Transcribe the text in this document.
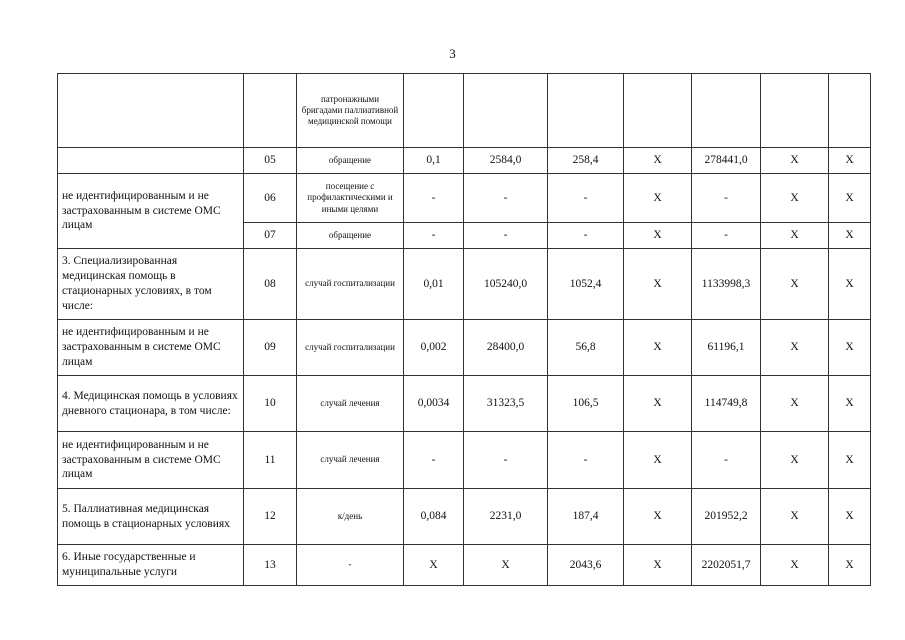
3
		патронажными бригадами паллиативной медицинской помощи							
	05	обращение	0,1	2584,0	258,4	Х	278441,0	Х	Х
не идентифицированным и не застрахованным в системе ОМС лицам	06	посещение с профилактическими и иными целями	-	-	-	Х	-	Х	Х
	07	обращение	-	-	-	Х	-	Х	Х
3. Специализированная медицинская помощь в стационарных условиях, в том числе:	08	случай госпитализации	0,01	105240,0	1052,4	Х	1133998,3	Х	Х
не идентифицированным и не застрахованным в системе ОМС лицам	09	случай госпитализации	0,002	28400,0	56,8	Х	61196,1	Х	Х
4. Медицинская помощь в условиях дневного стационара, в том числе:	10	случай лечения	0,0034	31323,5	106,5	Х	114749,8	Х	Х
не идентифицированным и не застрахованным в системе ОМС лицам	11	случай лечения	-	-	-	Х	-	Х	Х
5. Паллиативная медицинская помощь в стационарных условиях	12	к/день	0,084	2231,0	187,4	Х	201952,2	Х	Х
6. Иные государственные и муниципальные услуги	13	-	Х	Х	2043,6	Х	2202051,7	Х	Х
